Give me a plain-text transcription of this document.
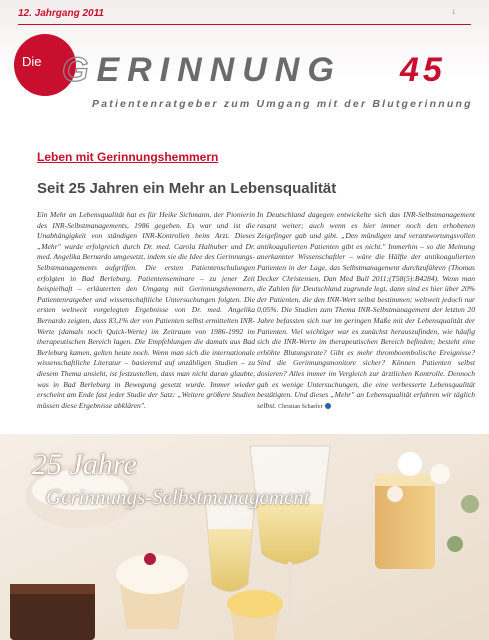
12. Jahrgang 2011	1
Die GERINNUNG 45
Patientenratgeber zum Umgang mit der Blutgerinnung
Leben mit Gerinnungshemmern
Seit 25 Jahren ein Mehr an Lebensqualität

Ein Mehr an Lebensqualität hat es für Heike Sichmann, der Pionierin des INR-Selbstmanagements, 1986 gegeben. Es war und ist die Unabhängigkeit von ständigen INR-Kontrollen beim Arzt. Dieses „Mehr" wurde erfolgreich durch Dr. med. Carola Halhuber und Dr. med. Angelika Bernardo umgesetzt, indem sie die Idee des Gerinnungs-Selbstmanagements aufgriffen. Die ersten Patientenschulungen erfolgten in Bad Berleburg. Patientenseminare – zu jener Zeit beispielhaft – erläuterten den Umgang mit Gerinnungshemmern, Patientenratgeber und wissenschaftliche Untersuchungen folgten. Die ersten weltweit vorgelegten Ergebnisse von Dr. med. Angelika Bernardo zeigten, dass 83,1% der von Patienten selbst ermittelten INR-Werte (damals noch Quick-Werte) im Zeitraum von 1986-1992 im therapeutischen Bereich lagen. Die Empfehlungen die damals aus Bad Berleburg kamen, gelten heute noch. Wenn man sich die internationale wissenschaftliche Literatur – basierend auf unzähligen Studien – zu diesem Thema ansieht, ist festzustellen, dass man nicht daran glaubte, was in Bad Berleburg in Bewegung gesetzt wurde. Immer wieder erscheint am Ende fast jeder Studie der Satz: „Weitere größere Studien müssen diese Ergebnisse abklären".

In Deutschland dagegen entwickelte sich das INR-Selbstmanagement rasant weiter; auch wenn es hier immer noch den erhobenen Zeigefinger gab und gibt. „Den mündigen und verantwortungsvollen antikoagulierten Patienten gibt es nicht." Immerhin – so die Meinung anerkannter Wissenschaftler – wäre die Hälfte der antikoagulierten Patienten in der Lage, das Selbstmanagement durchzuführen (Thomas Decker Christensen, Dan Med Bull 2011;(T58(5):B4284). Wenn man die Zahlen für Deutschland zugrunde legt, dann sind es hier über 20% der Patienten, die den INR-Wert selbst bestimmen; weltweit jedoch nur 0,05%. Die Studien zum Thema INR-Selbstmanagement der letzten 20 Jahre befassten sich nur im geringen Maße mit der Lebensqualität der Patienten. Viel wichtiger war es zunächst herauszufinden, wie häufig sich die INR-Werte im therapeutischen Bereich befinden; besteht eine erhöhte Blutungsrate? Gibt es mehr thromboembolische Ereignisse? Sind die Gerinnungsmonitore sicher? Können Patienten selbst dosieren? Alles immer im Vergleich zur ärztlichen Kontrolle. Dennoch gab es wenige Untersuchungen, die eine verbesserte Lebensqualität bestätigten. Und dieses „Mehr" an Lebensqualität erfahren wir täglich selbst. Christian Schaefer

25 Jahre
Gerinnungs-Selbstmanagement
